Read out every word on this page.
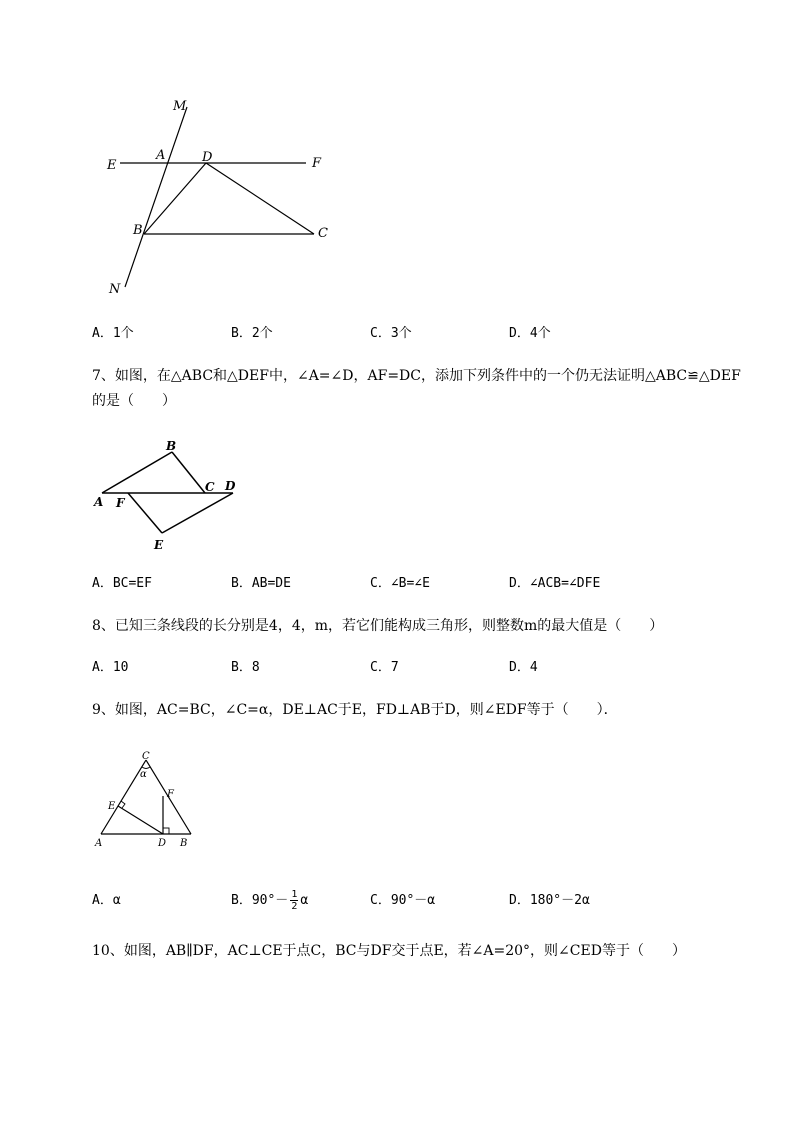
M
A	D
E	F
B	C
N
A．1个	B．2个	C．3个	D．4个
7、如图，在△ABC和△DEF中，∠A=∠D，AF=DC，添加下列条件中的一个仍无法证明△ABC≌△DEF
的是（　　）
B
C D
A F
E
A．BC=EF	B．AB=DE	C．∠B=∠E	D．∠ACB=∠DFE
8、已知三条线段的长分别是4，4，m，若它们能构成三角形，则整数m的最大值是（　　）
A．10	B．8	C．7	D．4
9、如图，AC=BC，∠C=α，DE⊥AC于E，FD⊥AB于D，则∠EDF等于（　　）．
C
α
E
F
A	D B
A．α	B．$90^\circ- \frac{1}{2}$ α	C．90°－α	D．180°－2α
10、如图，AB∥DF，AC⊥CE于点C，BC与DF交于点E，若∠A=20°，则∠CED等于（　　）
